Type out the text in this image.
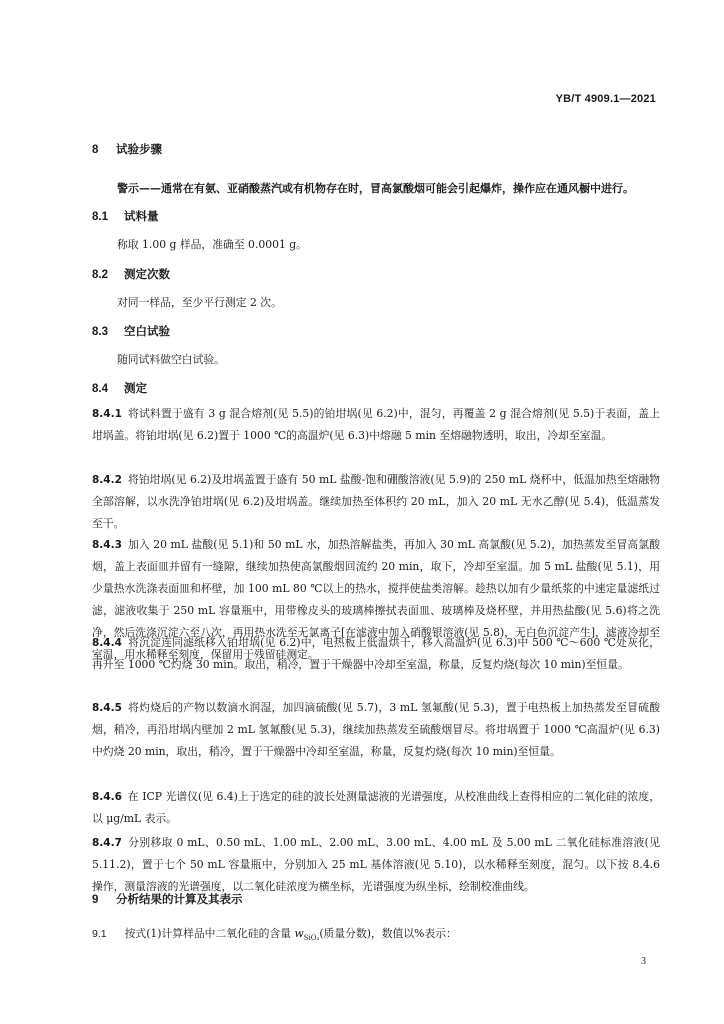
YB/T 4909.1—2021
8 试验步骤
警示——通常在有氨、亚硝酸蒸汽或有机物存在时，冒高氯酸烟可能会引起爆炸，操作应在通风橱中进行。
8.1 试料量
称取 1.00 g 样品，准确至 0.0001 g。
8.2 测定次数
对同一样品，至少平行测定 2 次。
8.3 空白试验
随同试料做空白试验。
8.4 测定
8.4.1 将试料置于盛有 3 g 混合熔剂(见 5.5)的铂坩埚(见 6.2)中，混匀，再覆盖 2 g 混合熔剂(见 5.5)于表面，盖上坩埚盖。将铂坩埚(见 6.2)置于 1000 ℃的高温炉(见 6.3)中熔融 5 min 至熔融物透明，取出，冷却至室温。
8.4.2 将铂坩埚(见 6.2)及坩埚盖置于盛有 50 mL 盐酸-饱和硼酸溶液(见 5.9)的 250 mL 烧杯中，低温加热至熔融物全部溶解，以水洗净铂坩埚(见 6.2)及坩埚盖。继续加热至体积约 20 mL，加入 20 mL 无水乙醇(见 5.4)，低温蒸发至干。
8.4.3 加入 20 mL 盐酸(见 5.1)和 50 mL 水，加热溶解盐类，再加入 30 mL 高氯酸(见 5.2)，加热蒸发至冒高氯酸烟，盖上表面皿并留有一缝隙，继续加热使高氯酸烟回流约 20 min，取下，冷却至室温。加 5 mL 盐酸(见 5.1)，用少量热水洗涤表面皿和杯壁，加 100 mL 80 ℃以上的热水，搅拌使盐类溶解。趁热以加有少量纸浆的中速定量滤纸过滤，滤液收集于 250 mL 容量瓶中，用带橡皮头的玻璃棒擦拭表面皿、玻璃棒及烧杯壁，并用热盐酸(见 5.6)将之洗净，然后洗涤沉淀六至八次，再用热水洗至无氯离子[在滤液中加入硝酸银溶液(见 5.8)，无白色沉淀产生]，滤液冷却至室温，用水稀释至刻度，保留用于残留硅测定。
8.4.4 将沉淀连同滤纸移入铂坩埚(见 6.2)中，电热板上低温烘干，移入高温炉(见 6.3)中 500 ℃～600 ℃处灰化，再升至 1000 ℃灼烧 30 min。取出，稍冷，置于干燥器中冷却至室温，称量，反复灼烧(每次 10 min)至恒量。
8.4.5 将灼烧后的产物以数滴水润湿，加四滴硫酸(见 5.7)，3 mL 氢氟酸(见 5.3)，置于电热板上加热蒸发至冒硫酸烟，稍冷，再沿坩埚内壁加 2 mL 氢氟酸(见 5.3)，继续加热蒸发至硫酸烟冒尽。将坩埚置于 1000 ℃高温炉(见 6.3)中灼烧 20 min，取出，稍冷，置于干燥器中冷却至室温，称量，反复灼烧(每次 10 min)至恒量。
8.4.6 在 ICP 光谱仪(见 6.4)上于选定的硅的波长处测量滤液的光谱强度，从校准曲线上查得相应的二氧化硅的浓度，以 μg/mL 表示。
8.4.7 分别移取 0 mL、0.50 mL、1.00 mL、2.00 mL、3.00 mL、4.00 mL 及 5.00 mL 二氧化硅标准溶液(见 5.11.2)，置于七个 50 mL 容量瓶中，分别加入 25 mL 基体溶液(见 5.10)，以水稀释至刻度，混匀。以下按 8.4.6 操作，测量溶液的光谱强度，以二氧化硅浓度为横坐标，光谱强度为纵坐标，绘制校准曲线。
9 分析结果的计算及其表示
9.1 按式(1)计算样品中二氧化硅的含量 $w_{SiO_2}$(质量分数)，数值以%表示：
3
